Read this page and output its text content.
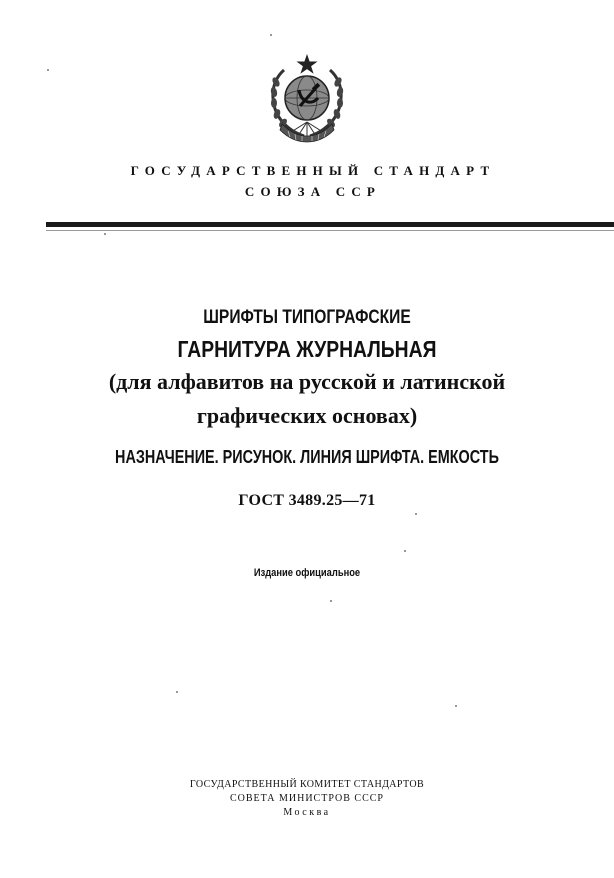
ГОСУДАРСТВЕННЫЙ СТАНДАРТ
СОЮЗА ССР
ШРИФТЫ ТИПОГРАФСКИЕ
ГАРНИТУРА ЖУРНАЛЬНАЯ
(для алфавитов на русской и латинской
графических основах)
НАЗНАЧЕНИЕ. РИСУНОК. ЛИНИЯ ШРИФТА. ЕМКОСТЬ
ГОСТ 3489.25—71
Издание официальное
ГОСУДАРСТВЕННЫЙ КОМИТЕТ СТАНДАРТОВ
СОВЕТА МИНИСТРОВ СССР
Москва
